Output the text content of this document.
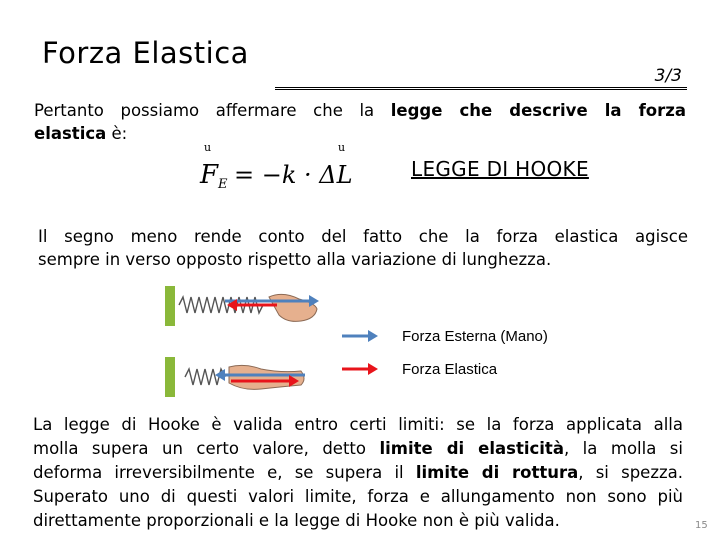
Forza Elastica
3/3
Pertanto possiamo affermare che la legge che descrive la forza
elastica è:
u
F E
u
= −k · ΔL	LEGGE DI HOOKE
Il segno meno rende conto del fatto che la forza elastica agisce
sempre in verso opposto rispetto alla variazione di lunghezza.
Forza Esterna (Mano)
Forza Elastica
La legge di Hooke è valida entro certi limiti: se la forza applicata alla
molla supera un certo valore, detto limite di elasticità, la molla si
deforma irreversibilmente e, se supera il limite di rottura, si spezza.
Superato uno di questi valori limite, forza e allungamento non sono più
direttamente proporzionali e la legge di Hooke non è più valida.	15
